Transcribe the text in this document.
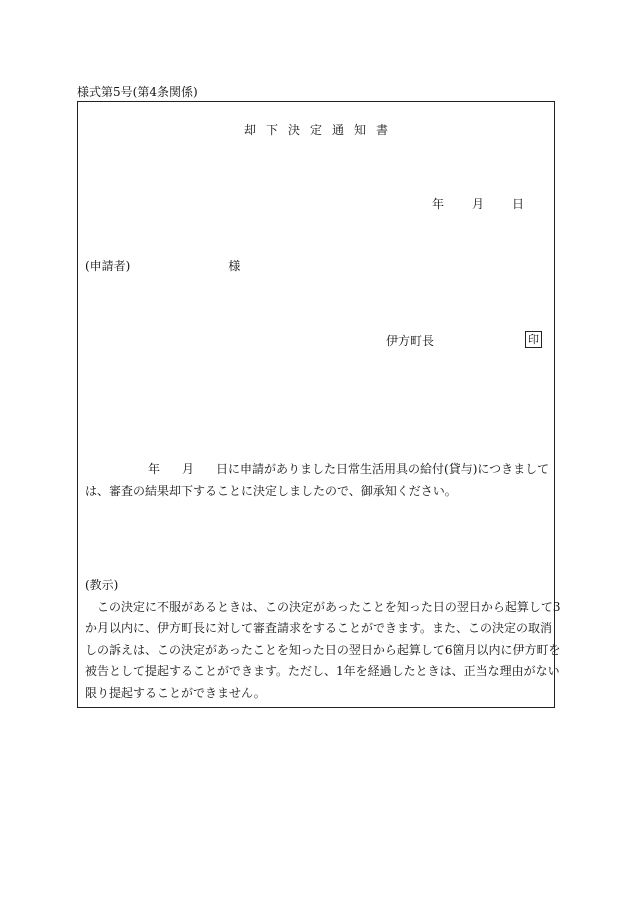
様式第5号(第4条関係)
却下決定通知書
年 月 日
(申請者)	様
伊方町長	印
年 月 日に申請がありました日常生活用具の給付(貸与)につきまして
は、審査の結果却下することに決定しましたので、御承知ください。
(教示)
この決定に不服があるときは、この決定があったことを知った日の翌日から起算して3
か月以内に、伊方町長に対して審査請求をすることができます。また、この決定の取消
しの訴えは、この決定があったことを知った日の翌日から起算して6箇月以内に伊方町を
被告として提起することができます。ただし、1年を経過したときは、正当な理由がない
限り提起することができません。
